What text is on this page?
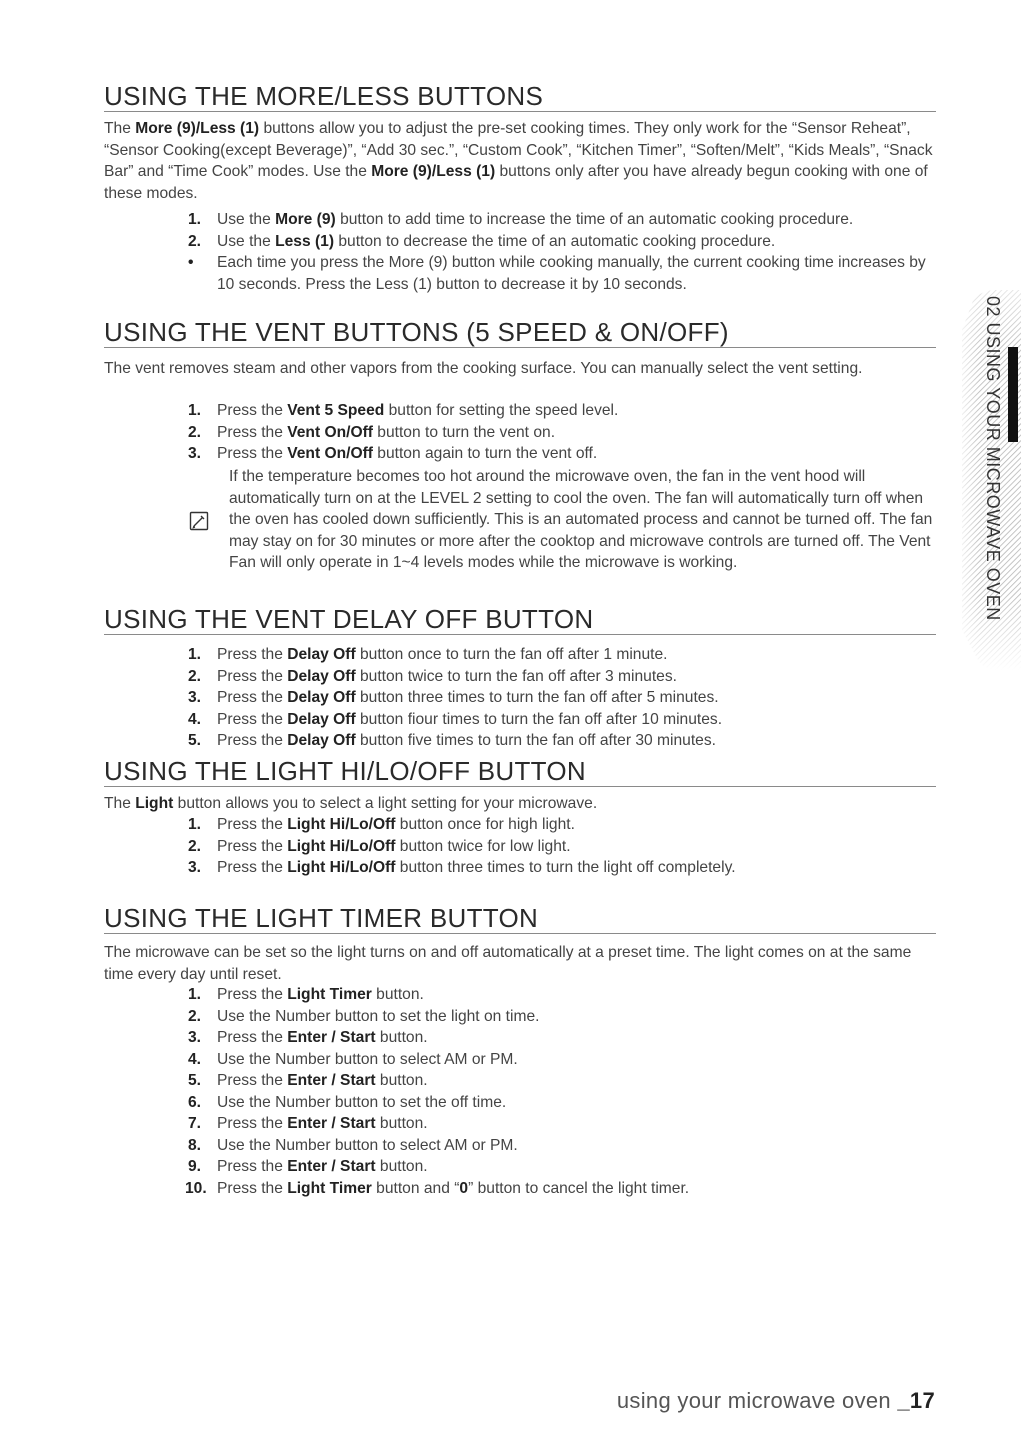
USING THE MORE/LESS BUTTONS

The More (9)/Less (1) buttons allow you to adjust the pre-set cooking times. They only work for the “Sensor Reheat”, “Sensor Cooking(except Beverage)”, “Add 30 sec.”, “Custom Cook”, “Kitchen Timer”, “Soften/Melt”, “Kids Meals”, “Snack Bar” and “Time Cook” modes. Use the More (9)/Less (1) buttons only after you have already begun cooking with one of these modes.

1. Use the More (9) button to add time to increase the time of an automatic cooking procedure.
2. Use the Less (1) button to decrease the time of an automatic cooking procedure.
• Each time you press the More (9) button while cooking manually, the current cooking time increases by 10 seconds. Press the Less (1) button to decrease it by 10 seconds.
USING THE VENT BUTTONS (5 SPEED & ON/OFF)

The vent removes steam and other vapors from the cooking surface. You can manually select the vent setting.

1. Press the Vent 5 Speed button for setting the speed level.
2. Press the Vent On/Off button to turn the vent on.
3. Press the Vent On/Off button again to turn the vent off.

If the temperature becomes too hot around the microwave oven, the fan in the vent hood will automatically turn on at the LEVEL 2 setting to cool the oven. The fan will automatically turn off when the oven has cooled down sufficiently. This is an automated process and cannot be turned off. The fan may stay on for 30 minutes or more after the cooktop and microwave controls are turned off. The Vent Fan will only operate in 1~4 levels modes while the microwave is working.

USING THE VENT DELAY OFF BUTTON
1. Press the Delay Off button once to turn the fan off after 1 minute.
2. Press the Delay Off button twice to turn the fan off after 3 minutes.
3. Press the Delay Off button three times to turn the fan off after 5 minutes.
4. Press the Delay Off button fiour times to turn the fan off after 10 minutes.
5. Press the Delay Off button five times to turn the fan off after 30 minutes.
USING THE LIGHT HI/LO/OFF BUTTON

The Light button allows you to select a light setting for your microwave.

1. Press the Light Hi/Lo/Off button once for high light.
2. Press the Light Hi/Lo/Off button twice for low light.
3. Press the Light Hi/Lo/Off button three times to turn the light off completely.
USING THE LIGHT TIMER BUTTON

The microwave can be set so the light turns on and off automatically at a preset time. The light comes on at the same time every day until reset.

1. Press the Light Timer button.
2. Use the Number button to set the light on time.
3. Press the Enter / Start button.
4. Use the Number button to select AM or PM.
5. Press the Enter / Start button.
6. Use the Number button to set the off time.
7. Press the Enter / Start button.
8. Use the Number button to select AM or PM.
9. Press the Enter / Start button.
10. Press the Light Timer button and “0” button to cancel the light timer.
02 USING YOUR MICROWAVE OVEN
using your microwave oven _17
